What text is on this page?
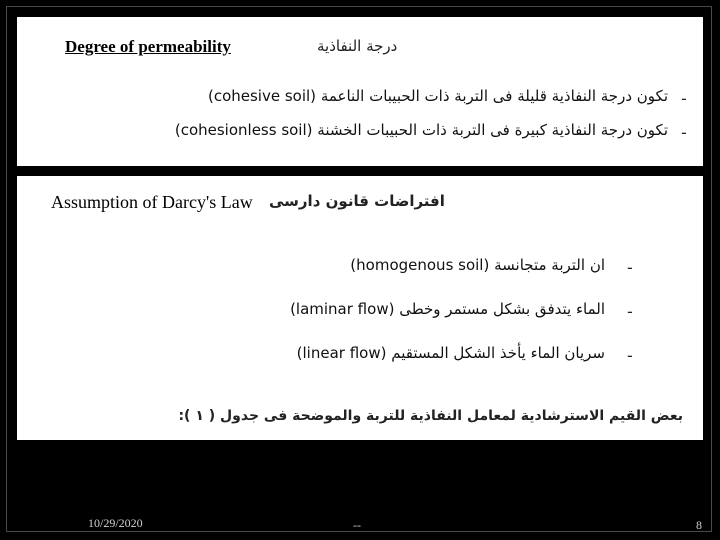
Degree of permeability	درجة النفاذية
(cohesive soil) تكون درجة النفاذية قليلة فى التربة ذات الحبيبات الناعمة -
(cohesionless soil) تكون درجة النفاذية كبيرة فى التربة ذات الحبيبات الخشنة -
Assumption of Darcy's Law افتراضات قانون دارسى
(homogenous soil) ان التربة متجانسة -
(laminar flow) الماء يتدفق بشكل مستمر وخطى -
(linear flow) سريان الماء يأخذ الشكل المستقيم -
بعض القيم الاسترشادية لمعامل النفاذية للتربة والموضحة فى جدول ( ١ ):
10/29/2020	--	8
